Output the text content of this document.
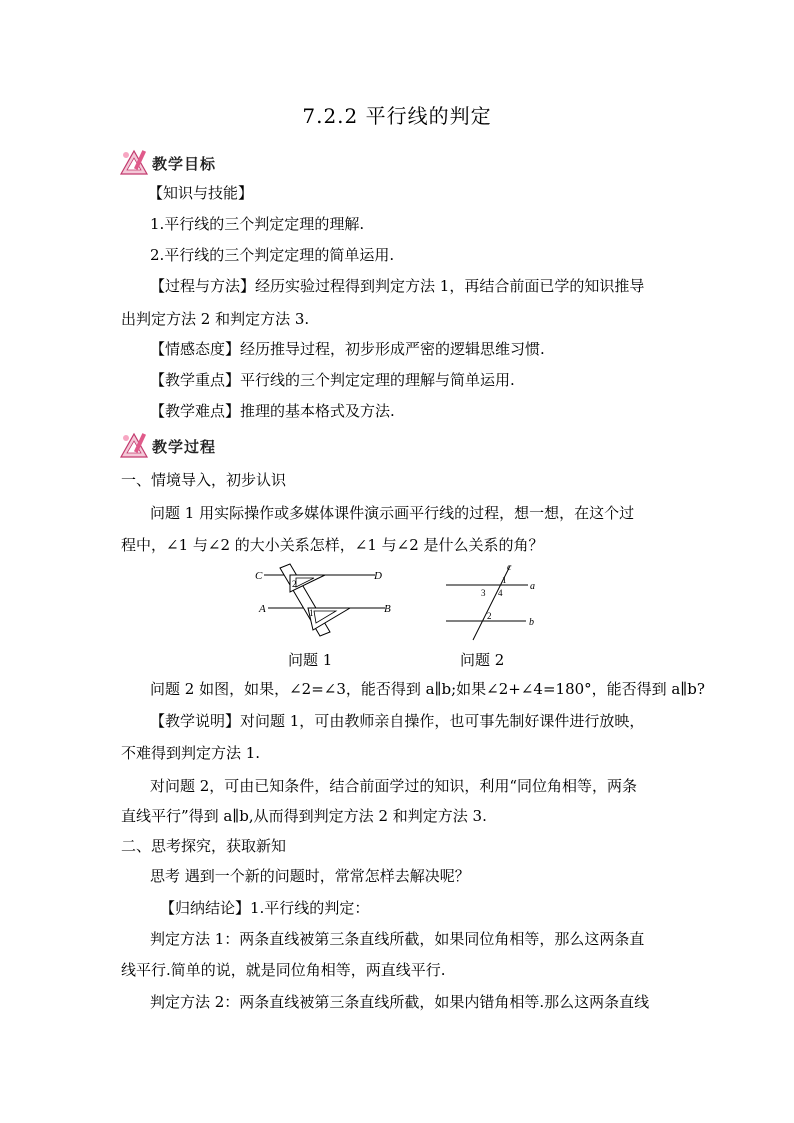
7.2.2 平行线的判定
教学目标
【知识与技能】
1.平行线的三个判定定理的理解.
2.平行线的三个判定定理的简单运用.
【过程与方法】经历实验过程得到判定方法 1，再结合前面已学的知识推导
出判定方法 2 和判定方法 3.
【情感态度】经历推导过程，初步形成严密的逻辑思维习惯.
【教学重点】平行线的三个判定定理的理解与简单运用.
【教学难点】推理的基本格式及方法.
教学过程
一、情境导入，初步认识
问题 1 用实际操作或多媒体课件演示画平行线的过程，想一想，在这个过
程中，∠1 与∠2 的大小关系怎样，∠1 与∠2 是什么关系的角？
C	D
A	B
2
1
c
a
b
1
3 4
2
问题 1	问题 2
问题 2 如图，如果，∠2=∠3，能否得到 a∥b;如果∠2+∠4=180°，能否得到 a∥b?
【教学说明】对问题 1，可由教师亲自操作，也可事先制好课件进行放映，
不难得到判定方法 1.
对问题 2，可由已知条件，结合前面学过的知识，利用“同位角相等，两条
直线平行”得到 a∥b,从而得到判定方法 2 和判定方法 3.
二、思考探究，获取新知
思考 遇到一个新的问题时，常常怎样去解决呢？
【归纳结论】1.平行线的判定：
判定方法 1：两条直线被第三条直线所截，如果同位角相等，那么这两条直
线平行.简单的说，就是同位角相等，两直线平行.
判定方法 2：两条直线被第三条直线所截，如果内错角相等.那么这两条直线
